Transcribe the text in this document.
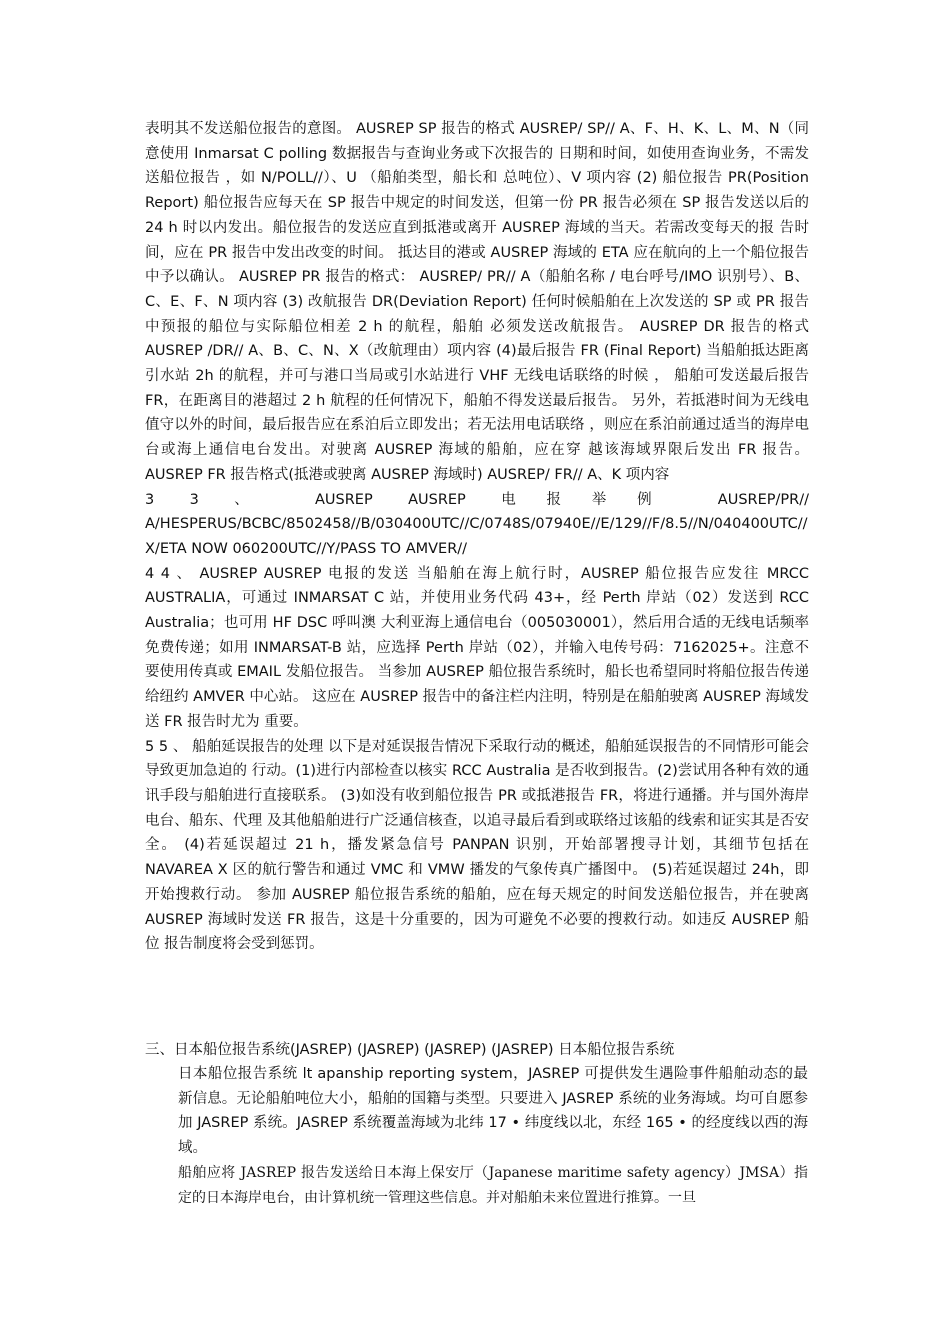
表明其不发送船位报告的意图。 AUSREP SP 报告的格式 AUSREP/ SP// A、F、H、K、L、M、N（同意使用 Inmarsat C polling 数据报告与查询业务或下次报告的 日期和时间，如使用查询业务，不需发送船位报告 ，如 N/POLL//）、U （船舶类型，船长和 总吨位）、V 项内容 (2) 船位报告 PR(Position Report) 船位报告应每天在 SP 报告中规定的时间发送，但第一份 PR 报告必须在 SP 报告发送以后的 24 h 时以内发出。船位报告的发送应直到抵港或离开 AUSREP 海域的当天。若需改变每天的报 告时间，应在 PR 报告中发出改变的时间。 抵达目的港或 AUSREP 海域的 ETA 应在航向的上一个船位报告中予以确认。 AUSREP PR 报告的格式： AUSREP/ PR// A（船舶名称 / 电台呼号/IMO 识别号）、B、C、E、F、N 项内容 (3) 改航报告 DR(Deviation Report) 任何时候船舶在上次发送的 SP 或 PR 报告中预报的船位与实际船位相差 2 h 的航程，船舶 必须发送改航报告。 AUSREP DR 报告的格式 AUSREP /DR// A、B、C、N、X（改航理由）项内容 (4)最后报告 FR (Final Report) 当船舶抵达距离引水站 2h 的航程，并可与港口当局或引水站进行 VHF 无线电话联络的时候 ， 船舶可发送最后报告 FR，在距离目的港超过 2 h 航程的任何情况下，船舶不得发送最后报告。 另外，若抵港时间为无线电值守以外的时间，最后报告应在系泊后立即发出；若无法用电话联络 ，则应在系泊前通过适当的海岸电台或海上通信电台发出。对驶离 AUSREP 海域的船舶，应在穿 越该海域界限后发出 FR 报告。 AUSREP FR 报告格式(抵港或驶离 AUSREP 海域时) AUSREP/ FR// A、K 项内容

3 3 、 AUSREP AUSREP 电报举例 AUSREP/PR// A/HESPERUS/BCBC/8502458//B/030400UTC//C/0748S/07940E//E/129//F/8.5//N/040400UTC// X/ETA NOW 060200UTC//Y/PASS TO AMVER//

4 4 、 AUSREP AUSREP 电报的发送 当船舶在海上航行时，AUSREP 船位报告应发往 MRCC AUSTRALIA，可通过 INMARSAT C 站，并使用业务代码 43+，经 Perth 岸站（02）发送到 RCC Australia；也可用 HF DSC 呼叫澳 大利亚海上通信电台（005030001），然后用合适的无线电话频率免费传递；如用 INMARSAT-B 站，应选择 Perth 岸站（02），并输入电传号码：7162025+。注意不要使用传真或 EMAIL 发船位报告。 当参加 AUSREP 船位报告系统时，船长也希望同时将船位报告传递给纽约 AMVER 中心站。 这应在 AUSREP 报告中的备注栏内注明，特别是在船舶驶离 AUSREP 海域发送 FR 报告时尤为 重要。

5 5 、 船舶延误报告的处理 以下是对延误报告情况下采取行动的概述，船舶延误报告的不同情形可能会导致更加急迫的 行动。(1)进行内部检查以核实 RCC Australia 是否收到报告。(2)尝试用各种有效的通讯手段与船舶进行直接联系。 (3)如没有收到船位报告 PR 或抵港报告 FR，将进行通播。并与国外海岸电台、船东、代理 及其他船舶进行广泛通信核查，以追寻最后看到或联络过该船的线索和证实其是否安全。 (4)若延误超过 21 h，播发紧急信号 PANPAN 识别，开始部署搜寻计划，其细节包括在 NAVAREA X 区的航行警告和通过 VMC 和 VMW 播发的气象传真广播图中。 (5)若延误超过 24h，即开始搜救行动。 参加 AUSREP 船位报告系统的船舶，应在每天规定的时间发送船位报告，并在驶离 AUSREP 海域时发送 FR 报告，这是十分重要的，因为可避免不必要的搜救行动。如违反 AUSREP 船位 报告制度将会受到惩罚。

三、日本船位报告系统(JASREP) (JASREP) (JASREP) (JASREP) 日本船位报告系统

日本船位报告系统 lt apanship reporting system，JASREP 可提供发生遇险事件船舶动态的最新信息。无论船舶吨位大小，船舶的国籍与类型。只要进入 JASREP 系统的业务海域。均可自愿参加 JASREP 系统。JASREP 系统覆盖海域为北纬 17 • 纬度线以北，东经 165 • 的经度线以西的海域。

船舶应将 JASREP 报告发送给日本海上保安厅（Japanese maritime safety agency）JMSA）指定的日本海岸电台，由计算机统一管理这些信息。并对船舶未来位置进行推算。一旦
